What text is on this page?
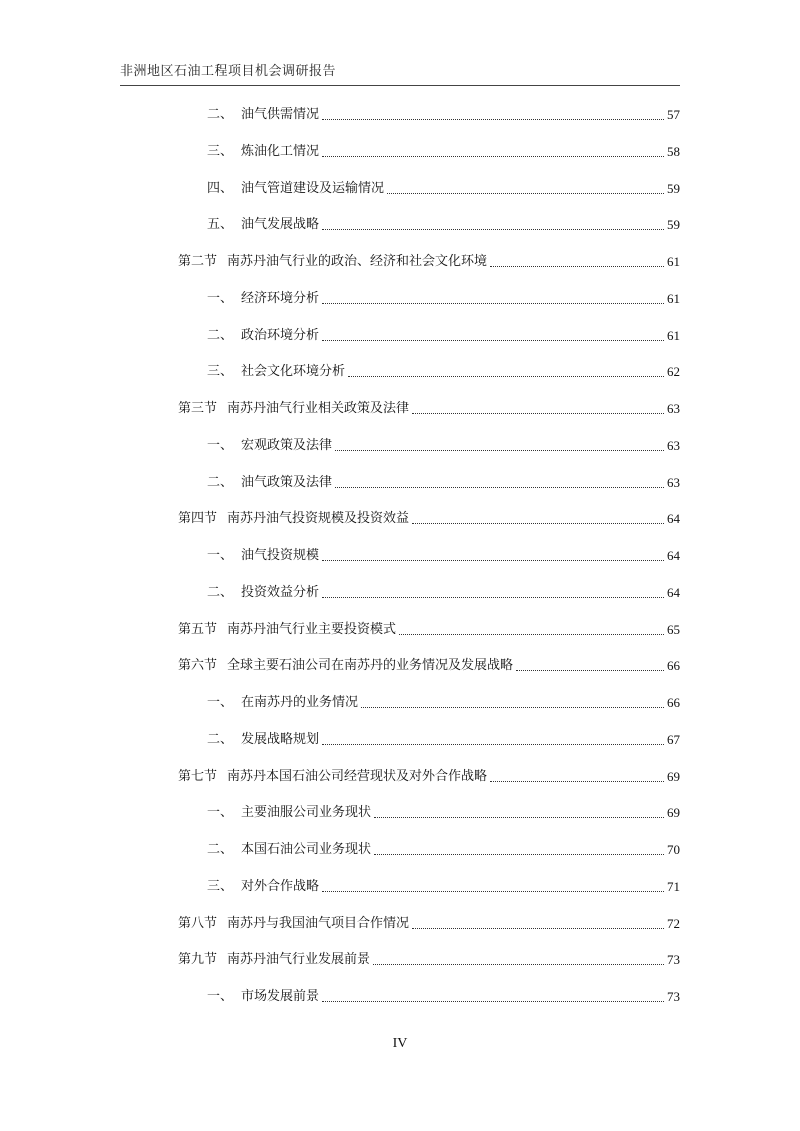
非洲地区石油工程项目机会调研报告
二、 油气供需情况	57
三、 炼油化工情况	58
四、 油气管道建设及运输情况	59
五、 油气发展战略	59
第二节 南苏丹油气行业的政治、经济和社会文化环境	61
一、 经济环境分析	61
二、 政治环境分析	61
三、 社会文化环境分析	62
第三节 南苏丹油气行业相关政策及法律	63
一、 宏观政策及法律	63
二、 油气政策及法律	63
第四节 南苏丹油气投资规模及投资效益	64
一、 油气投资规模	64
二、 投资效益分析	64
第五节 南苏丹油气行业主要投资模式	65
第六节 全球主要石油公司在南苏丹的业务情况及发展战略	66
一、 在南苏丹的业务情况	66
二、 发展战略规划	67
第七节 南苏丹本国石油公司经营现状及对外合作战略	69
一、 主要油服公司业务现状	69
二、 本国石油公司业务现状	70
三、 对外合作战略	71
第八节 南苏丹与我国油气项目合作情况	72
第九节 南苏丹油气行业发展前景	73
一、 市场发展前景	73
IV
